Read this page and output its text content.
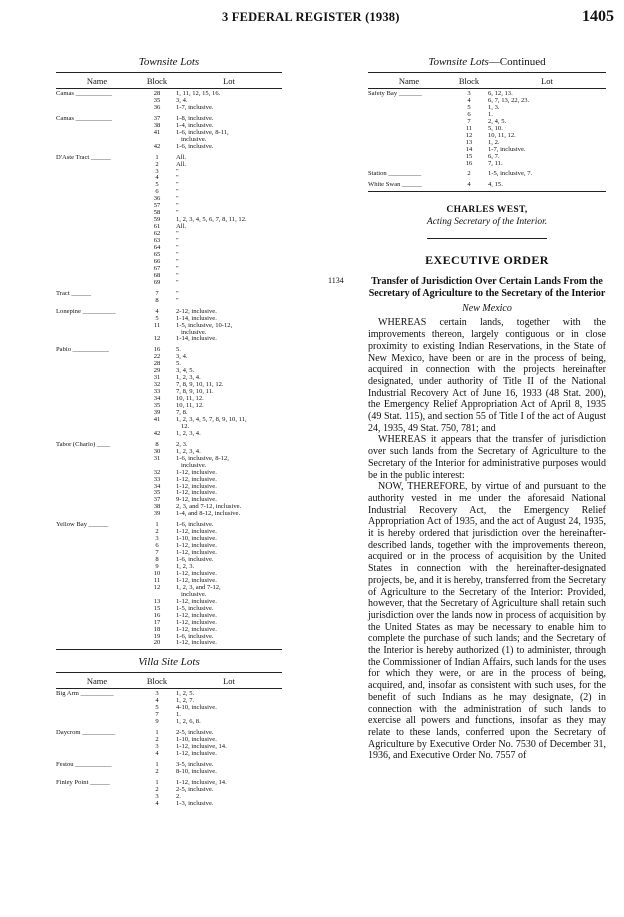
3 FEDERAL REGISTER (1938)	1405
Townsite Lots
Name	Block	Lot
Camas ___________	28	1, 11, 12, 15, 16.
35	3, 4.
36	1-7, inclusive.
Camas ___________	37	1-8, inclusive.
38	1-4, inclusive.
41	1-6, inclusive, 8-11,
inclusive.
42	1-6, inclusive.
D'Aste Tract ______	1	All.
2	All.
3	"
4	"
5	"
6	"
36	"
57	"
58	"
59	1, 2, 3, 4, 5, 6, 7, 8, 11, 12.
61	All.
62	"
63	"
64	"
65	"
66	"
67	"
68	"
69	"
Tract ______	7	"
8	"
Lonepine __________	4	2-12, inclusive.
5	1-14, inclusive.
11	1-5, inclusive, 10-12,
inclusive.
12	1-14, inclusive.
Pablo ___________	16	5.
22	3, 4.
28	5.
29	3, 4, 5.
31	1, 2, 3, 4.
32	7, 8, 9, 10, 11, 12.
33	7, 8, 9, 10, 11.
34	10, 11, 12.
35	10, 11, 12.
39	7, 8.
41	1, 2, 3, 4, 5, 7, 8, 9, 10, 11,
12.
42	1, 2, 3, 4.
Tabor (Charlo) ____	8	2, 3.
30	1, 2, 3, 4.
31	1-6, inclusive, 8-12,
inclusive.
32	1-12, inclusive.
33	1-12, inclusive.
34	1-12, inclusive.
35	1-12, inclusive.
37	9-12, inclusive.
38	2, 3, and 7-12, inclusive.
39	1-4, and 8-12, inclusive.
Yellow Bay ______	1	1-6, inclusive.
2	1-12, inclusive.
3	1-10, inclusive.
6	1-12, inclusive.
7	1-12, inclusive.
8	1-6, inclusive.
9	1, 2, 3.
10	1-12, inclusive.
11	1-12, inclusive.
12	1, 2, 3, and 7-12,
inclusive.
13	1-12, inclusive.
15	1-5, inclusive.
16	1-12, inclusive.
17	1-12, inclusive.
18	1-12, inclusive.
19	1-6, inclusive.
20	1-12, inclusive.
Villa Site Lots
Name	Block	Lot
Big Arm __________	3	1, 2, 5.
4	1, 2, 7.
5	4-10, inclusive.
7	1.
9	1, 2, 6, 8.
Daycrom __________	1	2-5, inclusive.
2	1-10, inclusive.
3	1-12, inclusive, 14.
4	1-12, inclusive.
Festou ___________	1	3-5, inclusive.
2	8-10, inclusive.
Finley Point ______	1	1-12, inclusive, 14.
2	2-5, inclusive.
3	2.
4	1-3, inclusive.
1134
Townsite Lots—Continued
Name	Block	Lot
Safety Bay _______	3	6, 12, 13.
4	6, 7, 13, 22, 23.
5	1, 3.
6	1.
7	2, 4, 5.
11	5, 10.
12	10, 11, 12.
13	1, 2.
14	1-7, inclusive.
15	6, 7.
16	7, 11.
Station __________	2	1-5, inclusive, 7.
White Swan ______	4	4, 15.
CHARLES WEST,
Acting Secretary of the Interior.
EXECUTIVE ORDER
Transfer of Jurisdiction Over Certain Lands From the Secretary of Agriculture to the Secretary of the Interior
New Mexico

WHEREAS certain lands, together with the improvements thereon, largely contiguous or in close proximity to existing Indian Reservations, in the State of New Mexico, have been or are in the process of being, acquired in connection with the projects hereinafter designated, under authority of Title II of the National Industrial Recovery Act of June 16, 1933 (48 Stat. 200), the Emergency Relief Appropriation Act of April 8, 1935 (49 Stat. 115), and section 55 of Title I of the act of August 24, 1935, 49 Stat. 750, 781; and

WHEREAS it appears that the transfer of jurisdiction over such lands from the Secretary of Agriculture to the Secretary of the Interior for administrative purposes would be in the public interest:

NOW, THEREFORE, by virtue of and pursuant to the authority vested in me under the aforesaid National Industrial Recovery Act, the Emergency Relief Appropriation Act of 1935, and the act of August 24, 1935, it is hereby ordered that jurisdiction over the hereinafter-described lands, together with the improvements thereon, acquired or in the process of acquisition by the United States in connection with the hereinafter-designated projects, be, and it is hereby, transferred from the Secretary of Agriculture to the Secretary of the Interior: Provided, however, that the Secretary of Agriculture shall retain such jurisdiction over the lands now in process of acquisition by the United States as may be necessary to enable him to complete the purchase of such lands; and the Secretary of the Interior is hereby authorized (1) to administer, through the Commissioner of Indian Affairs, such lands for the uses for which they were, or are in the process of being, acquired, and, insofar as consistent with such uses, for the benefit of such Indians as he may designate, (2) in connection with the administration of such lands to exercise all powers and functions, insofar as they may relate to these lands, conferred upon the Secretary of Agriculture by Executive Order No. 7530 of December 31, 1936, and Executive Order No. 7557 of
